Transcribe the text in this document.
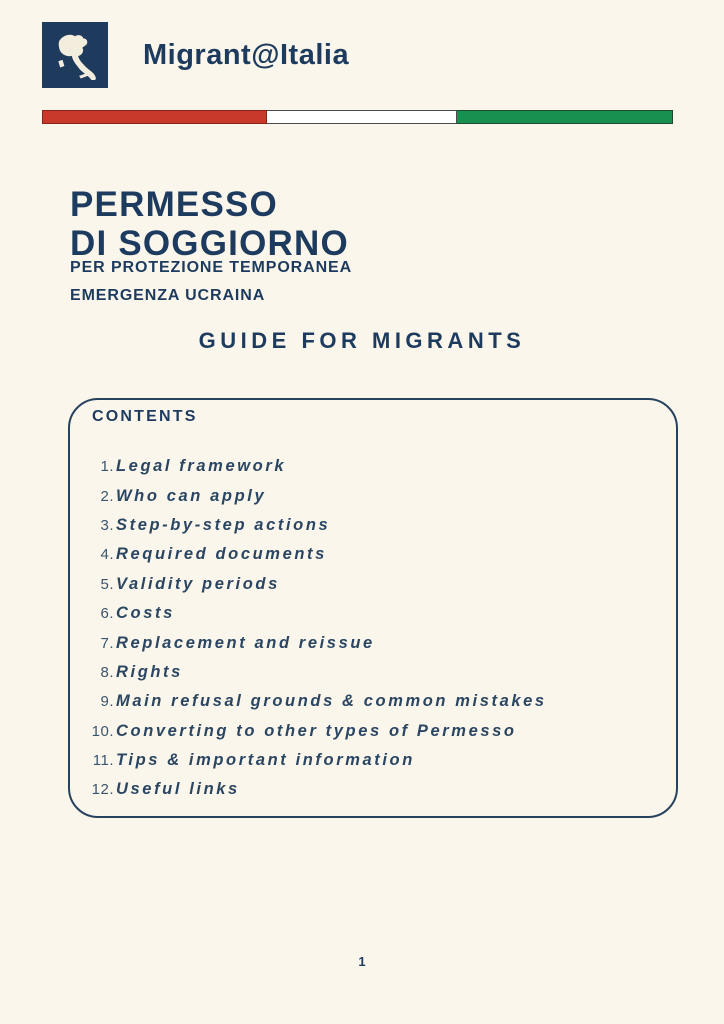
Migrant@Italia
PERMESSO
DI SOGGIORNO
PER PROTEZIONE TEMPORANEA
EMERGENZA UCRAINA
GUIDE FOR MIGRANTS
CONTENTS
1. Legal framework
2. Who can apply
3. Step-by-step actions
4. Required documents
5. Validity periods
6. Costs
7. Replacement and reissue
8. Rights
9. Main refusal grounds & common mistakes
10. Converting to other types of Permesso
11. Tips & important information
12. Useful links
1
